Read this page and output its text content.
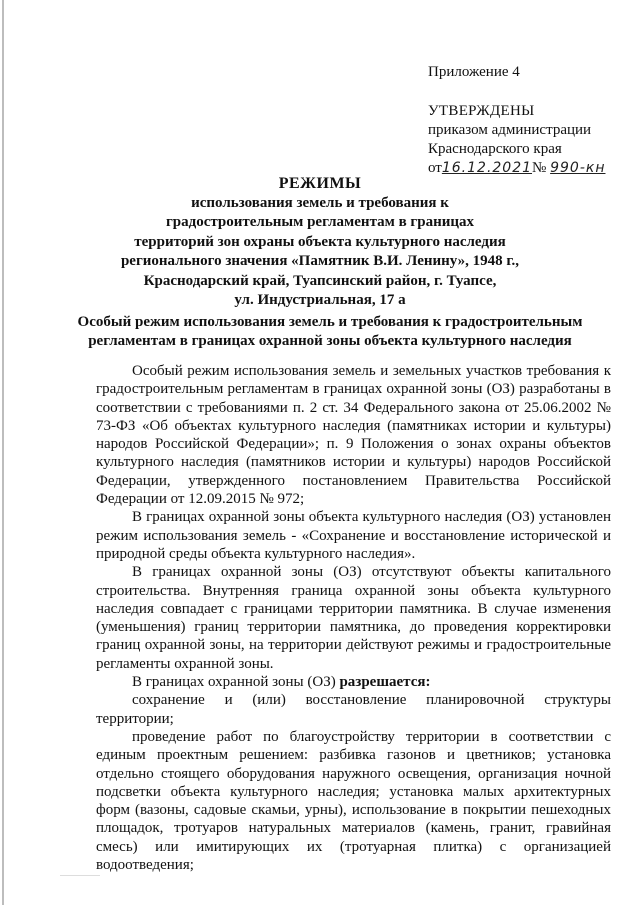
Приложение 4
УТВЕРЖДЕНЫ
приказом администрации
Краснодарского края
от16.12.2021№ 990-кн
РЕЖИМЫ
использования земель и требования к
градостроительным регламентам в границах
территорий зон охраны объекта культурного наследия
регионального значения «Памятник В.И. Ленину», 1948 г.,
Краснодарский край, Туапсинский район, г. Туапсе,
ул. Индустриальная, 17 а
Особый режим использования земель и требования к градостроительным
регламентам в границах охранной зоны объекта культурного наследия

Особый режим использования земель и земельных участков требования к градостроительным регламентам в границах охранной зоны (ОЗ) разработаны в соответствии с требованиями п. 2 ст. 34 Федерального закона от 25.06.2002 № 73-ФЗ «Об объектах культурного наследия (памятниках истории и культуры) народов Российской Федерации»; п. 9 Положения о зонах охраны объектов культурного наследия (памятников истории и культуры) народов Российской Федерации, утвержденного постановлением Правительства Российской Федерации от 12.09.2015 № 972;

В границах охранной зоны объекта культурного наследия (ОЗ) установлен режим использования земель - «Сохранение и восстановление исторической и природной среды объекта культурного наследия».

В границах охранной зоны (ОЗ) отсутствуют объекты капитального строительства. Внутренняя граница охранной зоны объекта культурного наследия совпадает с границами территории памятника. В случае изменения (уменьшения) границ территории памятника, до проведения корректировки границ охранной зоны, на территории действуют режимы и градостроительные регламенты охранной зоны.

В границах охранной зоны (ОЗ) разрешается:

сохранение и (или) восстановление планировочной структуры территории;

проведение работ по благоустройству территории в соответствии с единым проектным решением: разбивка газонов и цветников; установка отдельно стоящего оборудования наружного освещения, организация ночной подсветки объекта культурного наследия; установка малых архитектурных форм (вазоны, садовые скамьи, урны), использование в покрытии пешеходных площадок, тротуаров натуральных материалов (камень, гранит, гравийная смесь) или имитирующих их (тротуарная плитка) с организацией водоотведения;
